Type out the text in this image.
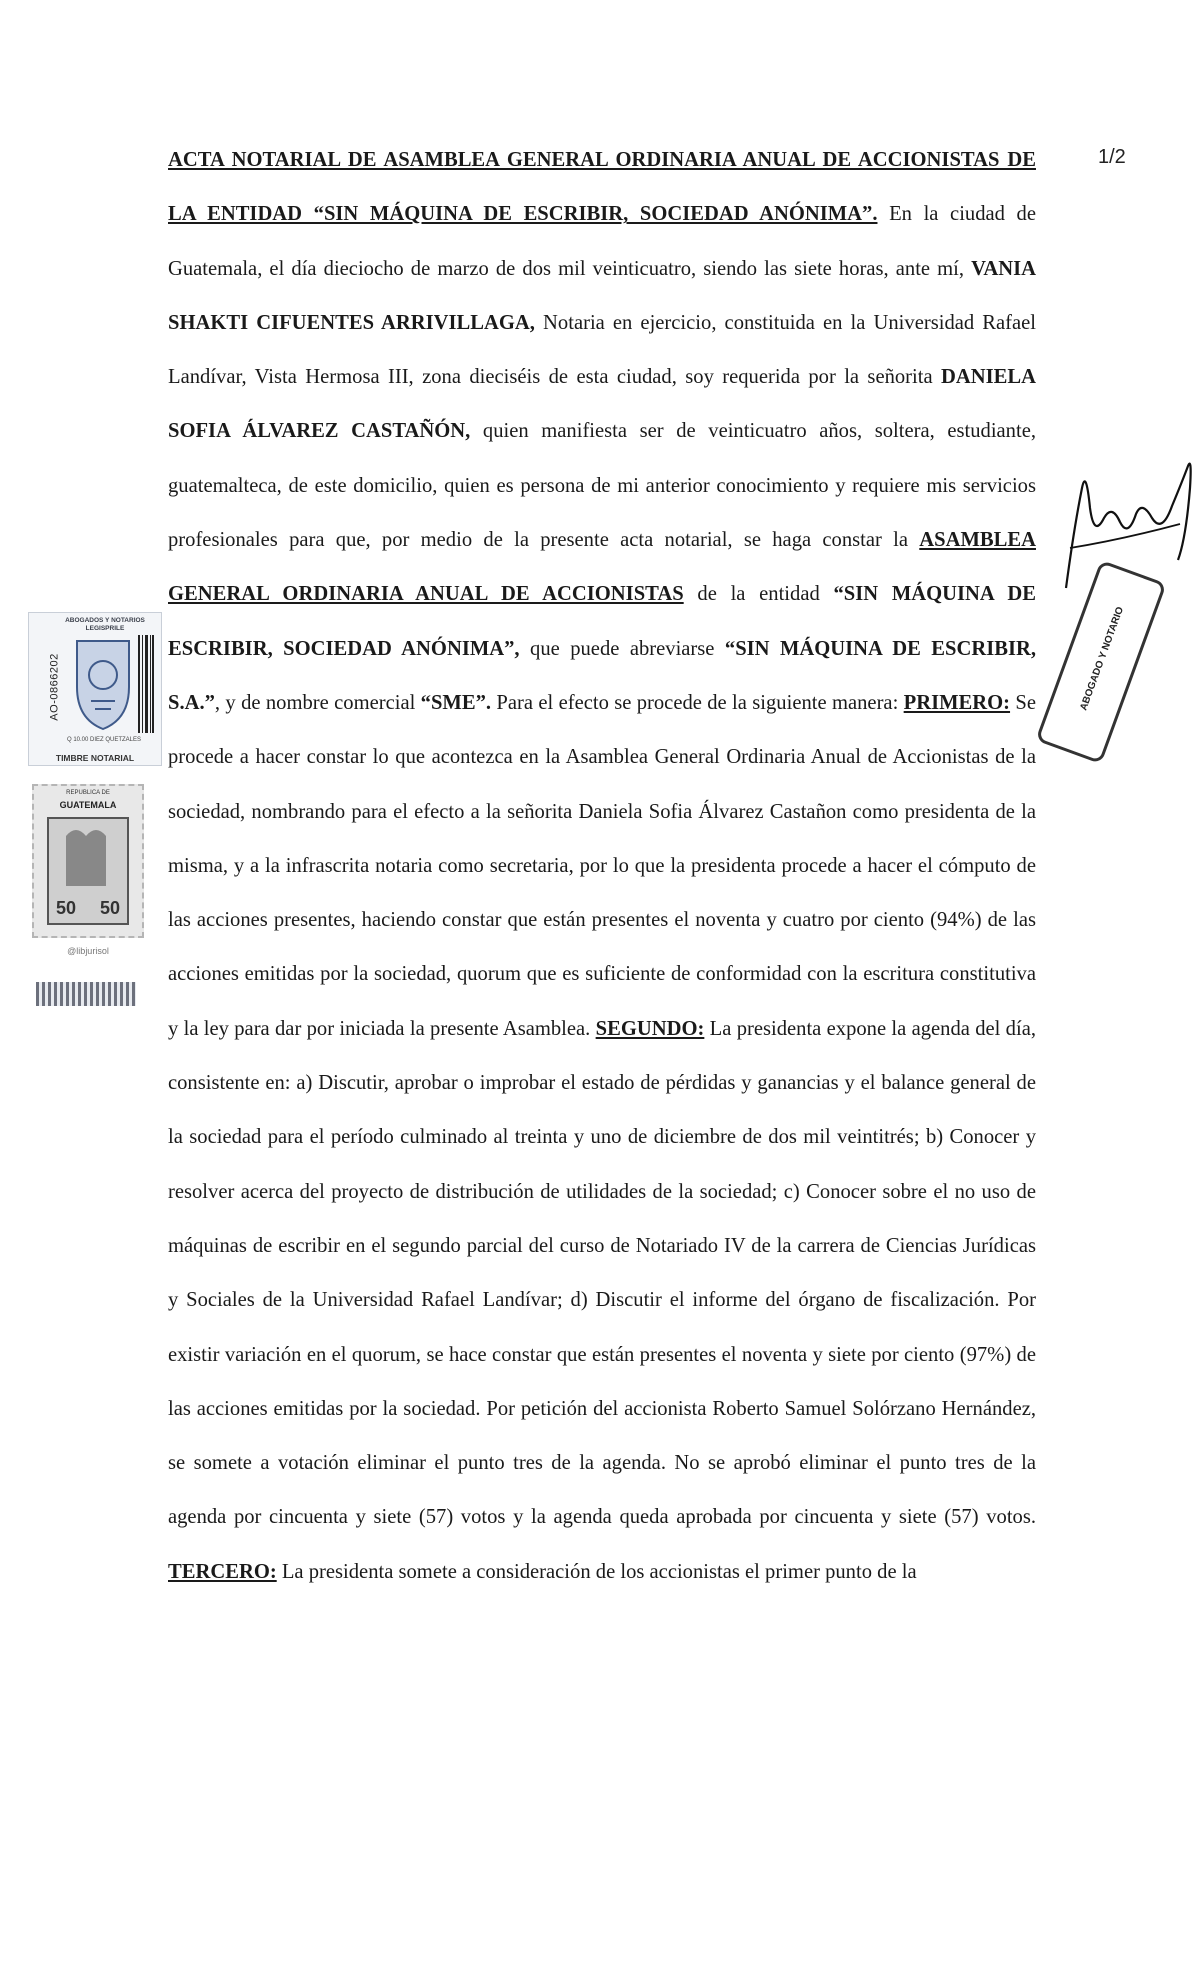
1/2

ACTA NOTARIAL DE ASAMBLEA GENERAL ORDINARIA ANUAL DE ACCIONISTAS DE LA ENTIDAD “SIN MÁQUINA DE ESCRIBIR, SOCIEDAD ANÓNIMA”. En la ciudad de Guatemala, el día dieciocho de marzo de dos mil veinticuatro, siendo las siete horas, ante mí, VANIA SHAKTI CIFUENTES ARRIVILLAGA, Notaria en ejercicio, constituida en la Universidad Rafael Landívar, Vista Hermosa III, zona dieciséis de esta ciudad, soy requerida por la señorita DANIELA SOFIA ÁLVAREZ CASTAÑÓN, quien manifiesta ser de veinticuatro años, soltera, estudiante, guatemalteca, de este domicilio, quien es persona de mi anterior conocimiento y requiere mis servicios profesionales para que, por medio de la presente acta notarial, se haga constar la ASAMBLEA GENERAL ORDINARIA ANUAL DE ACCIONISTAS de la entidad “SIN MÁQUINA DE ESCRIBIR, SOCIEDAD ANÓNIMA”, que puede abreviarse “SIN MÁQUINA DE ESCRIBIR, S.A.”, y de nombre comercial “SME”. Para el efecto se procede de la siguiente manera: PRIMERO: Se procede a hacer constar lo que acontezca en la Asamblea General Ordinaria Anual de Accionistas de la sociedad, nombrando para el efecto a la señorita Daniela Sofia Álvarez Castañon como presidenta de la misma, y a la infrascrita notaria como secretaria, por lo que la presidenta procede a hacer el cómputo de las acciones presentes, haciendo constar que están presentes el noventa y cuatro por ciento (94%) de las acciones emitidas por la sociedad, quorum que es suficiente de conformidad con la escritura constitutiva y la ley para dar por iniciada la presente Asamblea. SEGUNDO: La presidenta expone la agenda del día, consistente en: a) Discutir, aprobar o improbar el estado de pérdidas y ganancias y el balance general de la sociedad para el período culminado al treinta y uno de diciembre de dos mil veintitrés; b) Conocer y resolver acerca del proyecto de distribución de utilidades de la sociedad; c) Conocer sobre el no uso de máquinas de escribir en el segundo parcial del curso de Notariado IV de la carrera de Ciencias Jurídicas y Sociales de la Universidad Rafael Landívar; d) Discutir el informe del órgano de fiscalización. Por existir variación en el quorum, se hace constar que están presentes el noventa y siete por ciento (97%) de las acciones emitidas por la sociedad. Por petición del accionista Roberto Samuel Solórzano Hernández, se somete a votación eliminar el punto tres de la agenda. No se aprobó eliminar el punto tres de la agenda por cincuenta y siete (57) votos y la agenda queda aprobada por cincuenta y siete (57) votos. TERCERO: La presidenta somete a consideración de los accionistas el primer punto de la

ABOGADOS Y NOTARIOS LEGISPRILE
AO-0866202
Q 10.00 DIEZ QUETZALES
TIMBRE NOTARIAL
REPUBLICA DE
GUATEMALA
50 50
@libjurisol
ABOGADO Y NOTARIO
